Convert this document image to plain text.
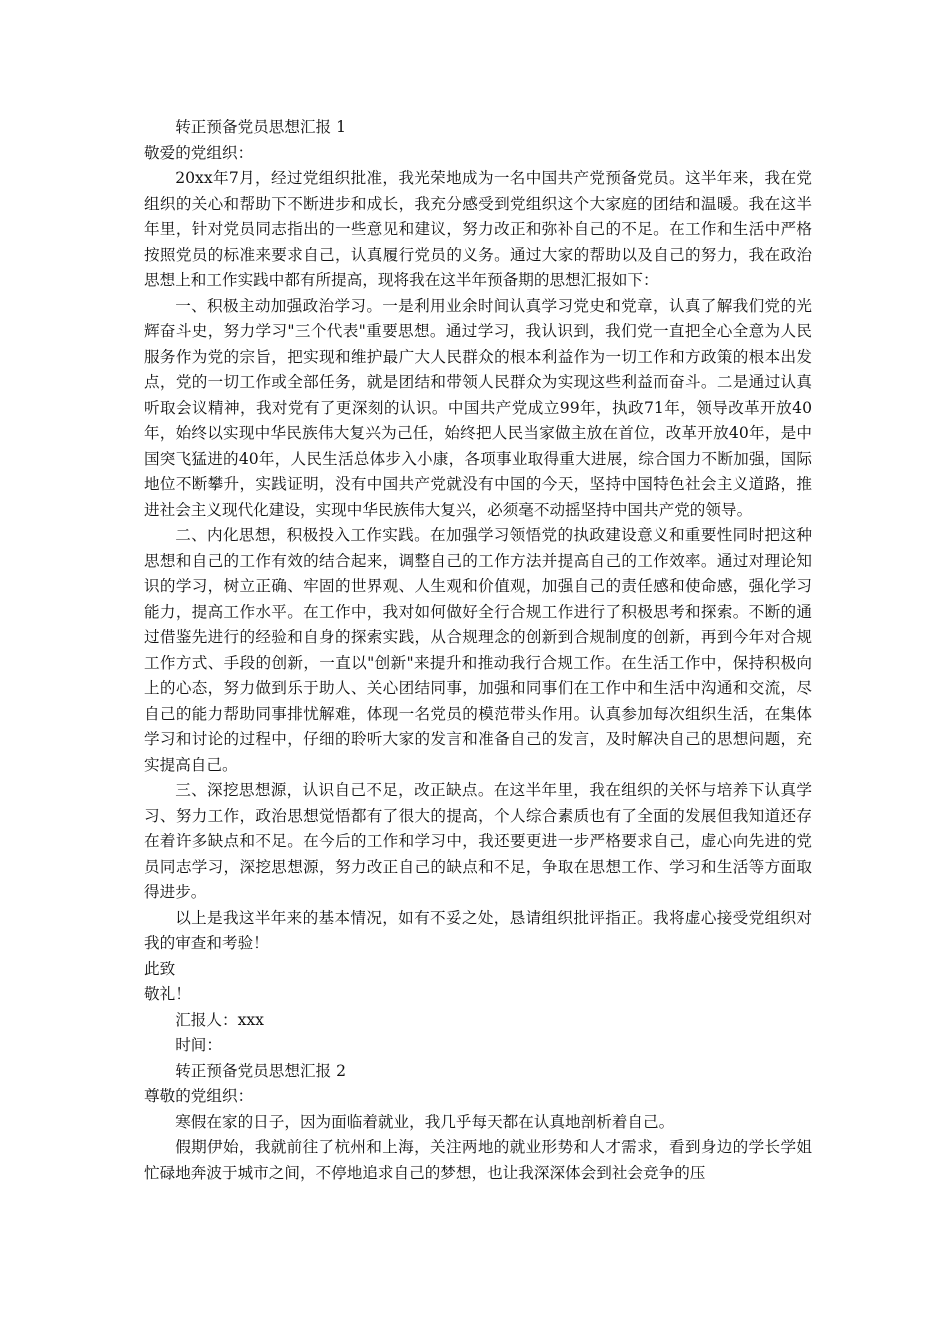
转正预备党员思想汇报 1

敬爱的党组织：

20xx年7月，经过党组织批准，我光荣地成为一名中国共产党预备党员。这半年来，我在党组织的关心和帮助下不断进步和成长，我充分感受到党组织这个大家庭的团结和温暖。我在这半年里，针对党员同志指出的一些意见和建议，努力改正和弥补自己的不足。在工作和生活中严格按照党员的标准来要求自己，认真履行党员的义务。通过大家的帮助以及自己的努力，我在政治思想上和工作实践中都有所提高，现将我在这半年预备期的思想汇报如下：

一、积极主动加强政治学习。一是利用业余时间认真学习党史和党章，认真了解我们党的光辉奋斗史，努力学习"三个代表"重要思想。通过学习，我认识到，我们党一直把全心全意为人民服务作为党的宗旨，把实现和维护最广大人民群众的根本利益作为一切工作和方政策的根本出发点，党的一切工作或全部任务，就是团结和带领人民群众为实现这些利益而奋斗。二是通过认真听取会议精神，我对党有了更深刻的认识。中国共产党成立99年，执政71年，领导改革开放40年，始终以实现中华民族伟大复兴为己任，始终把人民当家做主放在首位，改革开放40年，是中国突飞猛进的40年，人民生活总体步入小康，各项事业取得重大进展，综合国力不断加强，国际地位不断攀升，实践证明，没有中国共产党就没有中国的今天，坚持中国特色社会主义道路，推进社会主义现代化建设，实现中华民族伟大复兴，必须毫不动摇坚持中国共产党的领导。

二、内化思想，积极投入工作实践。在加强学习领悟党的执政建设意义和重要性同时把这种思想和自己的工作有效的结合起来，调整自己的工作方法并提高自己的工作效率。通过对理论知识的学习，树立正确、牢固的世界观、人生观和价值观，加强自己的责任感和使命感，强化学习能力，提高工作水平。在工作中，我对如何做好全行合规工作进行了积极思考和探索。不断的通过借鉴先进行的经验和自身的探索实践，从合规理念的创新到合规制度的创新，再到今年对合规工作方式、手段的创新，一直以"创新"来提升和推动我行合规工作。在生活工作中，保持积极向上的心态，努力做到乐于助人、关心团结同事，加强和同事们在工作中和生活中沟通和交流，尽自己的能力帮助同事排忧解难，体现一名党员的模范带头作用。认真参加每次组织生活，在集体学习和讨论的过程中，仔细的聆听大家的发言和准备自己的发言，及时解决自己的思想问题，充实提高自己。

三、深挖思想源，认识自己不足，改正缺点。在这半年里，我在组织的关怀与培养下认真学习、努力工作，政治思想觉悟都有了很大的提高，个人综合素质也有了全面的发展但我知道还存在着许多缺点和不足。在今后的工作和学习中，我还要更进一步严格要求自己，虚心向先进的党员同志学习，深挖思想源，努力改正自己的缺点和不足，争取在思想工作、学习和生活等方面取得进步。

以上是我这半年来的基本情况，如有不妥之处，恳请组织批评指正。我将虚心接受党组织对我的审查和考验！

此致

敬礼！

汇报人：xxx

时间：

转正预备党员思想汇报 2

尊敬的党组织：

寒假在家的日子，因为面临着就业，我几乎每天都在认真地剖析着自己。

假期伊始，我就前往了杭州和上海，关注两地的就业形势和人才需求，看到身边的学长学姐忙碌地奔波于城市之间，不停地追求自己的梦想，也让我深深体会到社会竞争的压
